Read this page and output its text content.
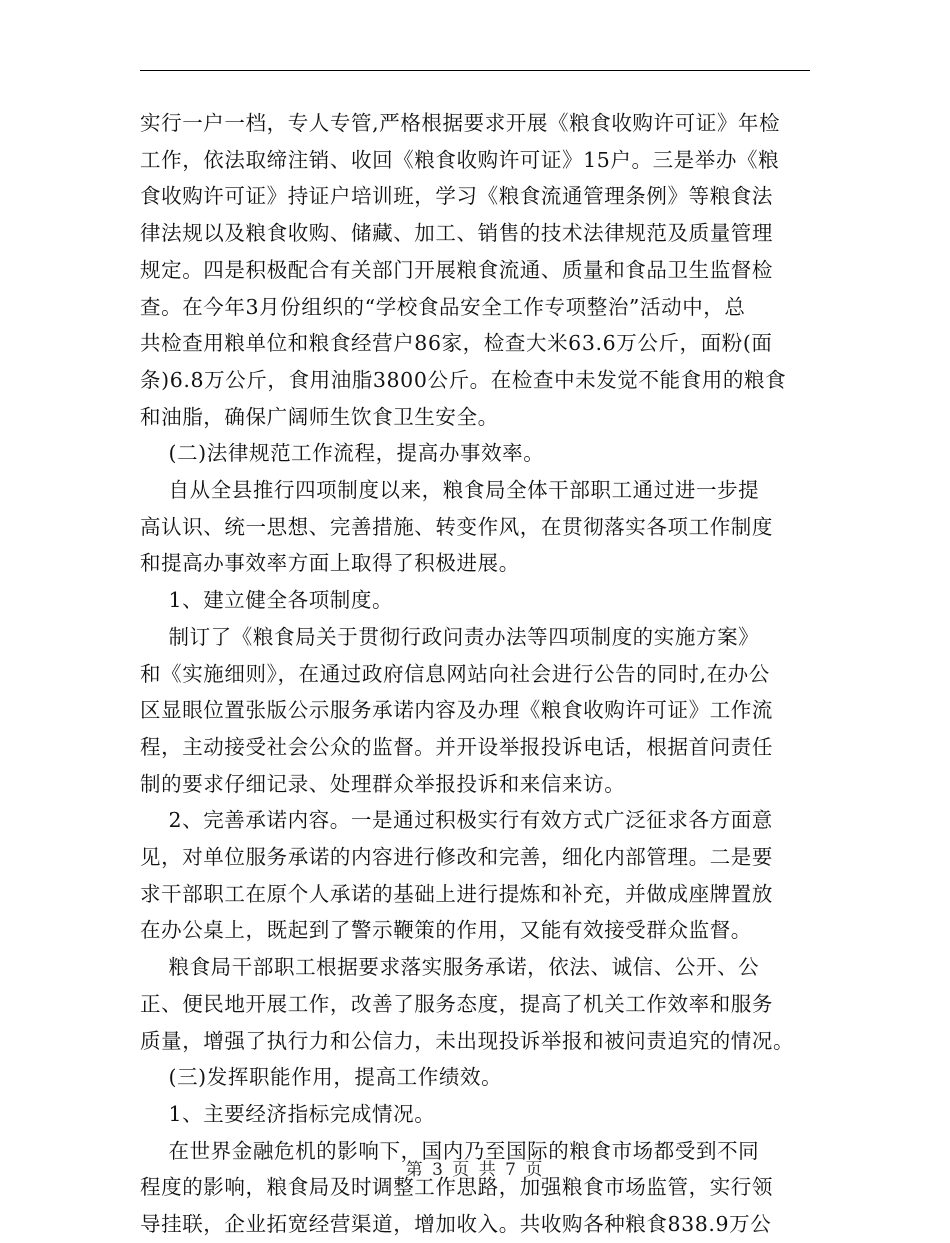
实行一户一档，专人专管,严格根据要求开展《粮食收购许可证》年检

工作，依法取缔注销、收回《粮食收购许可证》15户。三是举办《粮

食收购许可证》持证户培训班，学习《粮食流通管理条例》等粮食法

律法规以及粮食收购、储藏、加工、销售的技术法律规范及质量管理

规定。四是积极配合有关部门开展粮食流通、质量和食品卫生监督检

查。在今年3月份组织的“学校食品安全工作专项整治”活动中，总

共检查用粮单位和粮食经营户86家，检查大米63.6万公斤，面粉(面

条)6.8万公斤，食用油脂3800公斤。在检查中未发觉不能食用的粮食

和油脂，确保广阔师生饮食卫生安全。

(二)法律规范工作流程，提高办事效率。

自从全县推行四项制度以来，粮食局全体干部职工通过进一步提

高认识、统一思想、完善措施、转变作风，在贯彻落实各项工作制度

和提高办事效率方面上取得了积极进展。

1、建立健全各项制度。

制订了《粮食局关于贯彻行政问责办法等四项制度的实施方案》

和《实施细则》，在通过政府信息网站向社会进行公告的同时,在办公

区显眼位置张版公示服务承诺内容及办理《粮食收购许可证》工作流

程，主动接受社会公众的监督。并开设举报投诉电话，根据首问责任

制的要求仔细记录、处理群众举报投诉和来信来访。

2、完善承诺内容。一是通过积极实行有效方式广泛征求各方面意

见，对单位服务承诺的内容进行修改和完善，细化内部管理。二是要

求干部职工在原个人承诺的基础上进行提炼和补充，并做成座牌置放

在办公桌上，既起到了警示鞭策的作用，又能有效接受群众监督。

粮食局干部职工根据要求落实服务承诺，依法、诚信、公开、公

正、便民地开展工作，改善了服务态度，提高了机关工作效率和服务

质量，增强了执行力和公信力，未出现投诉举报和被问责追究的情况。

(三)发挥职能作用，提高工作绩效。

1、主要经济指标完成情况。

在世界金融危机的影响下，国内乃至国际的粮食市场都受到不同

程度的影响，粮食局及时调整工作思路，加强粮食市场监管，实行领

导挂联，企业拓宽经营渠道，增加收入。共收购各种粮食838.9万公

第 3 页 共 7 页
